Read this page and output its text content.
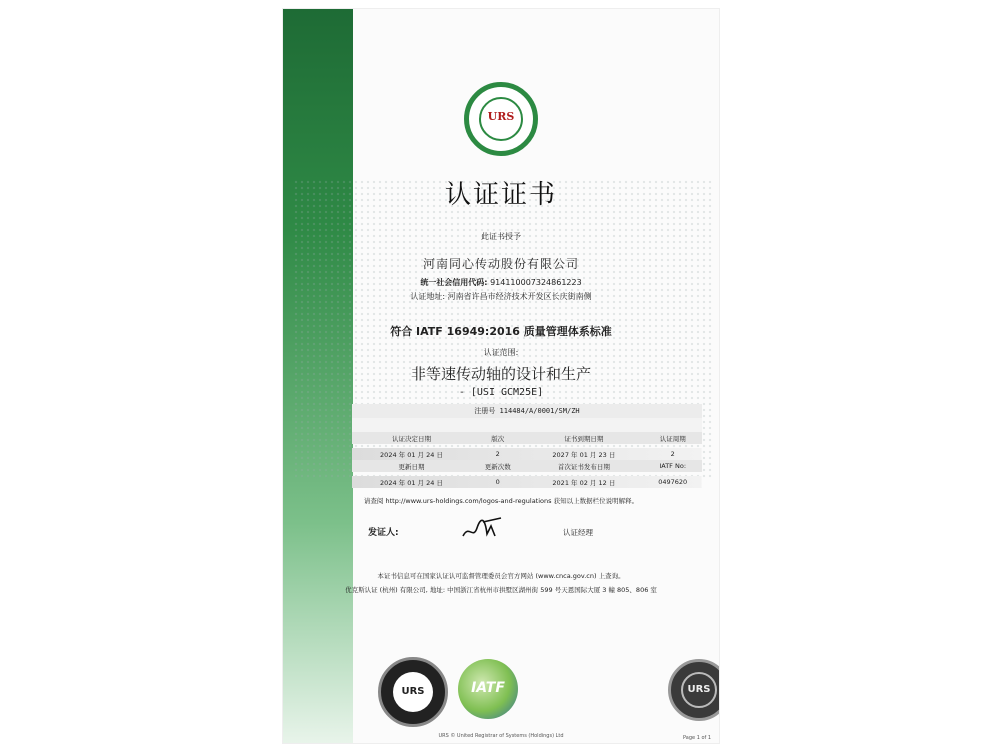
URS
认证证书
此证书授予
河南同心传动股份有限公司
统一社会信用代码: 914110007324861223
认证地址: 河南省许昌市经济技术开发区长庆街南侧
符合 IATF 16949:2016 质量管理体系标准
认证范围:
非等速传动轴的设计和生产
- [USI GCM25E]
注册号 114484/A/0001/SM/ZH
认证决定日期	版次	证书到期日期	认证周期

2024 年 01 月 24 日	2	2027 年 01 月 23 日	2
更新日期	更新次数	首次证书发布日期	IATF No:

2024 年 01 月 24 日	0	2021 年 02 月 12 日	0497620
请查阅 http://www.urs-holdings.com/logos-and-regulations 获知以上数据栏位说明解释。
发证人:	认证经理
本证书信息可在国家认证认可监督管理委员会官方网站 (www.cnca.gov.cn) 上查询。
优克斯认证 (杭州) 有限公司, 地址: 中国浙江省杭州市拱墅区湖州街 599 号天恩国际大厦 3 幢 805、806 室
URS	IATF	URS
URS © United Registrar of Systems (Holdings) Ltd	Page 1 of 1
